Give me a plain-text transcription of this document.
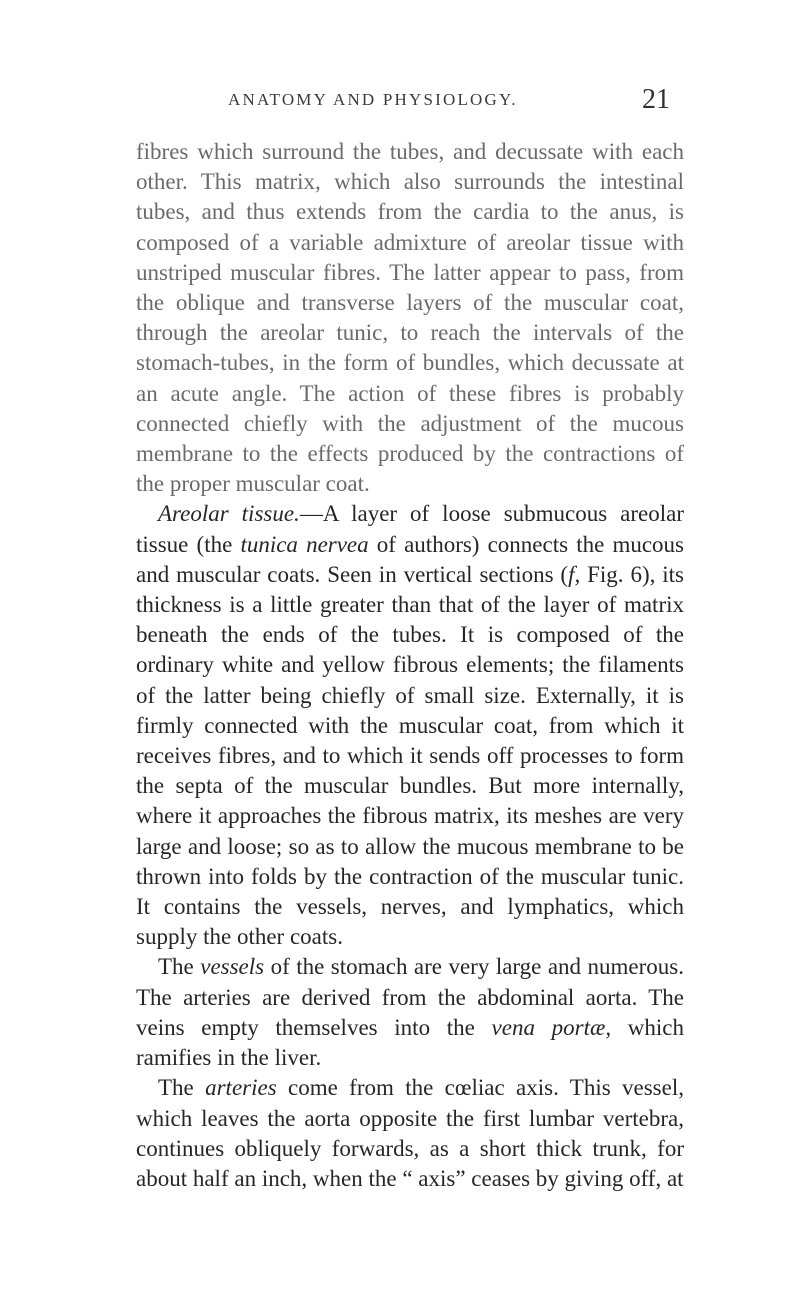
ANATOMY AND PHYSIOLOGY.	21

fibres which surround the tubes, and decussate with each other. This matrix, which also surrounds the intestinal tubes, and thus extends from the cardia to the anus, is composed of a variable admixture of areolar tissue with unstriped muscular fibres. The latter appear to pass, from the oblique and transverse layers of the muscular coat, through the areolar tunic, to reach the intervals of the stomach-tubes, in the form of bundles, which decussate at an acute angle. The action of these fibres is probably connected chiefly with the adjustment of the mucous membrane to the effects produced by the contractions of the proper muscular coat.

Areolar tissue.—A layer of loose submucous areolar tissue (the tunica nervea of authors) connects the mucous and muscular coats. Seen in vertical sections (f, Fig. 6), its thickness is a little greater than that of the layer of matrix beneath the ends of the tubes. It is composed of the ordinary white and yellow fibrous elements; the filaments of the latter being chiefly of small size. Externally, it is firmly connected with the muscular coat, from which it receives fibres, and to which it sends off processes to form the septa of the muscular bundles. But more internally, where it approaches the fibrous matrix, its meshes are very large and loose; so as to allow the mucous membrane to be thrown into folds by the contraction of the muscular tunic. It contains the vessels, nerves, and lymphatics, which supply the other coats.

The vessels of the stomach are very large and numerous. The arteries are derived from the abdominal aorta. The veins empty themselves into the vena portæ, which ramifies in the liver.

The arteries come from the cœliac axis. This vessel, which leaves the aorta opposite the first lumbar vertebra, continues obliquely forwards, as a short thick trunk, for about half an inch, when the “ axis” ceases by giving off, at
